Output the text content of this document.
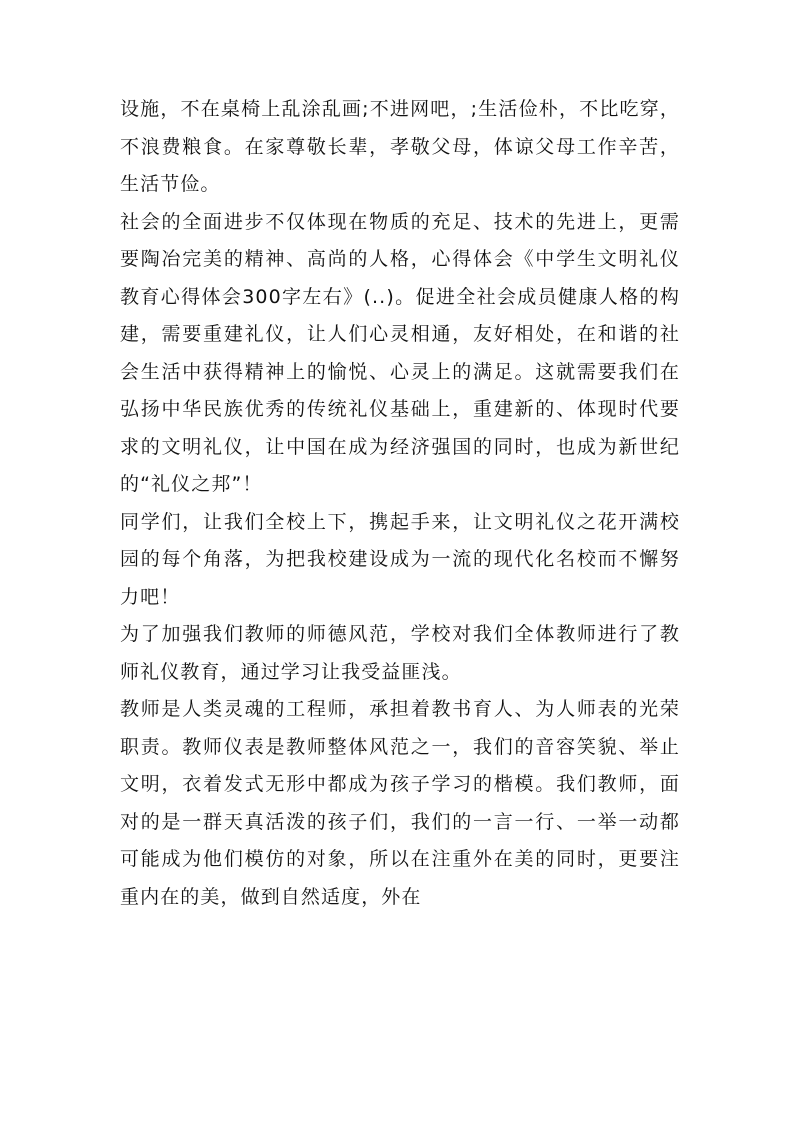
设施，不在桌椅上乱涂乱画;不进网吧，;生活俭朴，不比吃穿，不浪费粮食。在家尊敬长辈，孝敬父母，体谅父母工作辛苦，生活节俭。

社会的全面进步不仅体现在物质的充足、技术的先进上，更需要陶冶完美的精神、高尚的人格，心得体会《中学生文明礼仪教育心得体会300字左右》(..)。促进全社会成员健康人格的构建，需要重建礼仪，让人们心灵相通，友好相处，在和谐的社会生活中获得精神上的愉悦、心灵上的满足。这就需要我们在弘扬中华民族优秀的传统礼仪基础上，重建新的、体现时代要求的文明礼仪，让中国在成为经济强国的同时，也成为新世纪的“礼仪之邦”！

同学们，让我们全校上下，携起手来，让文明礼仪之花开满校园的每个角落，为把我校建设成为一流的现代化名校而不懈努力吧！

为了加强我们教师的师德风范，学校对我们全体教师进行了教师礼仪教育，通过学习让我受益匪浅。

教师是人类灵魂的工程师，承担着教书育人、为人师表的光荣职责。教师仪表是教师整体风范之一，我们的音容笑貌、举止文明，衣着发式无形中都成为孩子学习的楷模。我们教师，面对的是一群天真活泼的孩子们，我们的一言一行、一举一动都可能成为他们模仿的对象，所以在注重外在美的同时，更要注重内在的美，做到自然适度，外在
